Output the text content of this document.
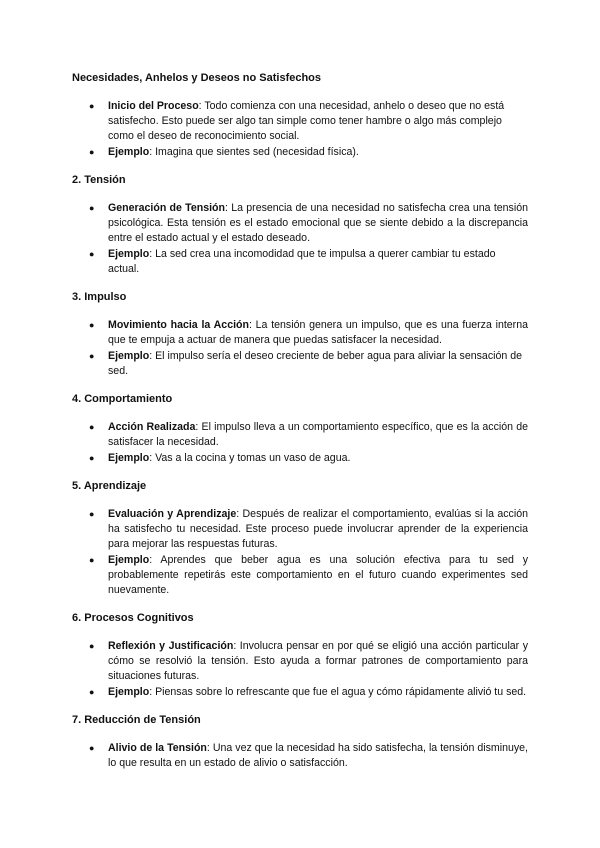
Necesidades, Anhelos y Deseos no Satisfechos
● Inicio del Proceso: Todo comienza con una necesidad, anhelo o deseo que no está satisfecho. Esto puede ser algo tan simple como tener hambre o algo más complejo como el deseo de reconocimiento social.
● Ejemplo: Imagina que sientes sed (necesidad física).
2. Tensión
● Generación de Tensión: La presencia de una necesidad no satisfecha crea una tensión psicológica. Esta tensión es el estado emocional que se siente debido a la discrepancia entre el estado actual y el estado deseado.
● Ejemplo: La sed crea una incomodidad que te impulsa a querer cambiar tu estado actual.
3. Impulso
● Movimiento hacia la Acción: La tensión genera un impulso, que es una fuerza interna que te empuja a actuar de manera que puedas satisfacer la necesidad.
● Ejemplo: El impulso sería el deseo creciente de beber agua para aliviar la sensación de sed.
4. Comportamiento
● Acción Realizada: El impulso lleva a un comportamiento específico, que es la acción de satisfacer la necesidad.
● Ejemplo: Vas a la cocina y tomas un vaso de agua.
5. Aprendizaje
● Evaluación y Aprendizaje: Después de realizar el comportamiento, evalúas si la acción ha satisfecho tu necesidad. Este proceso puede involucrar aprender de la experiencia para mejorar las respuestas futuras.
● Ejemplo: Aprendes que beber agua es una solución efectiva para tu sed y probablemente repetirás este comportamiento en el futuro cuando experimentes sed nuevamente.
6. Procesos Cognitivos
● Reflexión y Justificación: Involucra pensar en por qué se eligió una acción particular y cómo se resolvió la tensión. Esto ayuda a formar patrones de comportamiento para situaciones futuras.
● Ejemplo: Piensas sobre lo refrescante que fue el agua y cómo rápidamente alivió tu sed.
7. Reducción de Tensión
● Alivio de la Tensión: Una vez que la necesidad ha sido satisfecha, la tensión disminuye, lo que resulta en un estado de alivio o satisfacción.
